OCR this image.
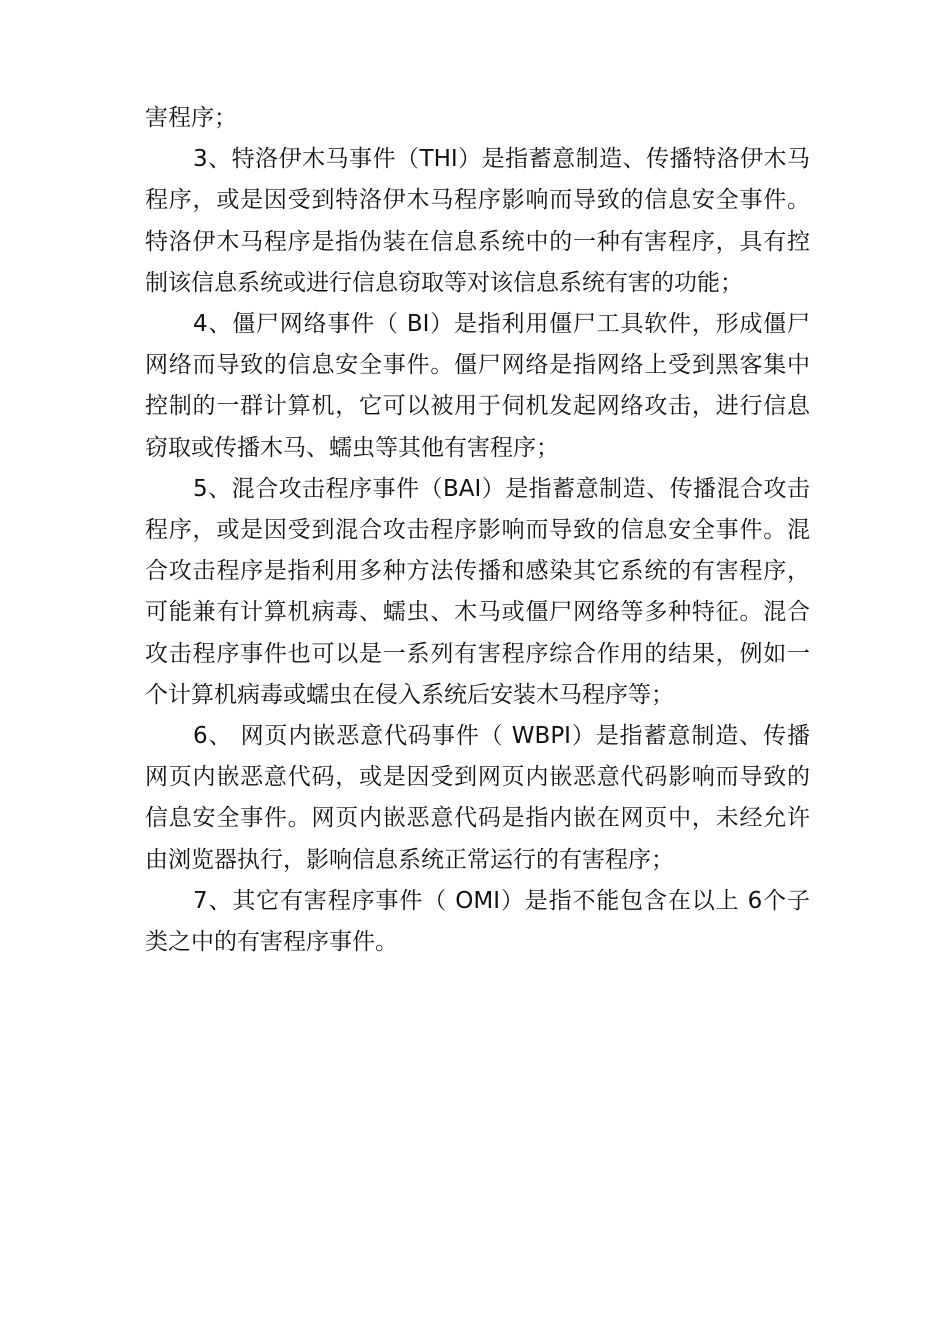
害程序；

3、特洛伊木马事件（THI）是指蓄意制造、传播特洛伊木马程序，或是因受到特洛伊木马程序影响而导致的信息安全事件。特洛伊木马程序是指伪装在信息系统中的一种有害程序，具有控制该信息系统或进行信息窃取等对该信息系统有害的功能；

4、僵尸网络事件（ BI）是指利用僵尸工具软件，形成僵尸网络而导致的信息安全事件。僵尸网络是指网络上受到黑客集中控制的一群计算机，它可以被用于伺机发起网络攻击，进行信息窃取或传播木马、蠕虫等其他有害程序；

5、混合攻击程序事件（BAI）是指蓄意制造、传播混合攻击程序，或是因受到混合攻击程序影响而导致的信息安全事件。混合攻击程序是指利用多种方法传播和感染其它系统的有害程序，可能兼有计算机病毒、蠕虫、木马或僵尸网络等多种特征。混合攻击程序事件也可以是一系列有害程序综合作用的结果，例如一个计算机病毒或蠕虫在侵入系统后安装木马程序等；

6、 网页内嵌恶意代码事件（ WBPI）是指蓄意制造、传播网页内嵌恶意代码，或是因受到网页内嵌恶意代码影响而导致的信息安全事件。网页内嵌恶意代码是指内嵌在网页中，未经允许由浏览器执行，影响信息系统正常运行的有害程序；

7、其它有害程序事件（ OMI）是指不能包含在以上 6个子类之中的有害程序事件。
